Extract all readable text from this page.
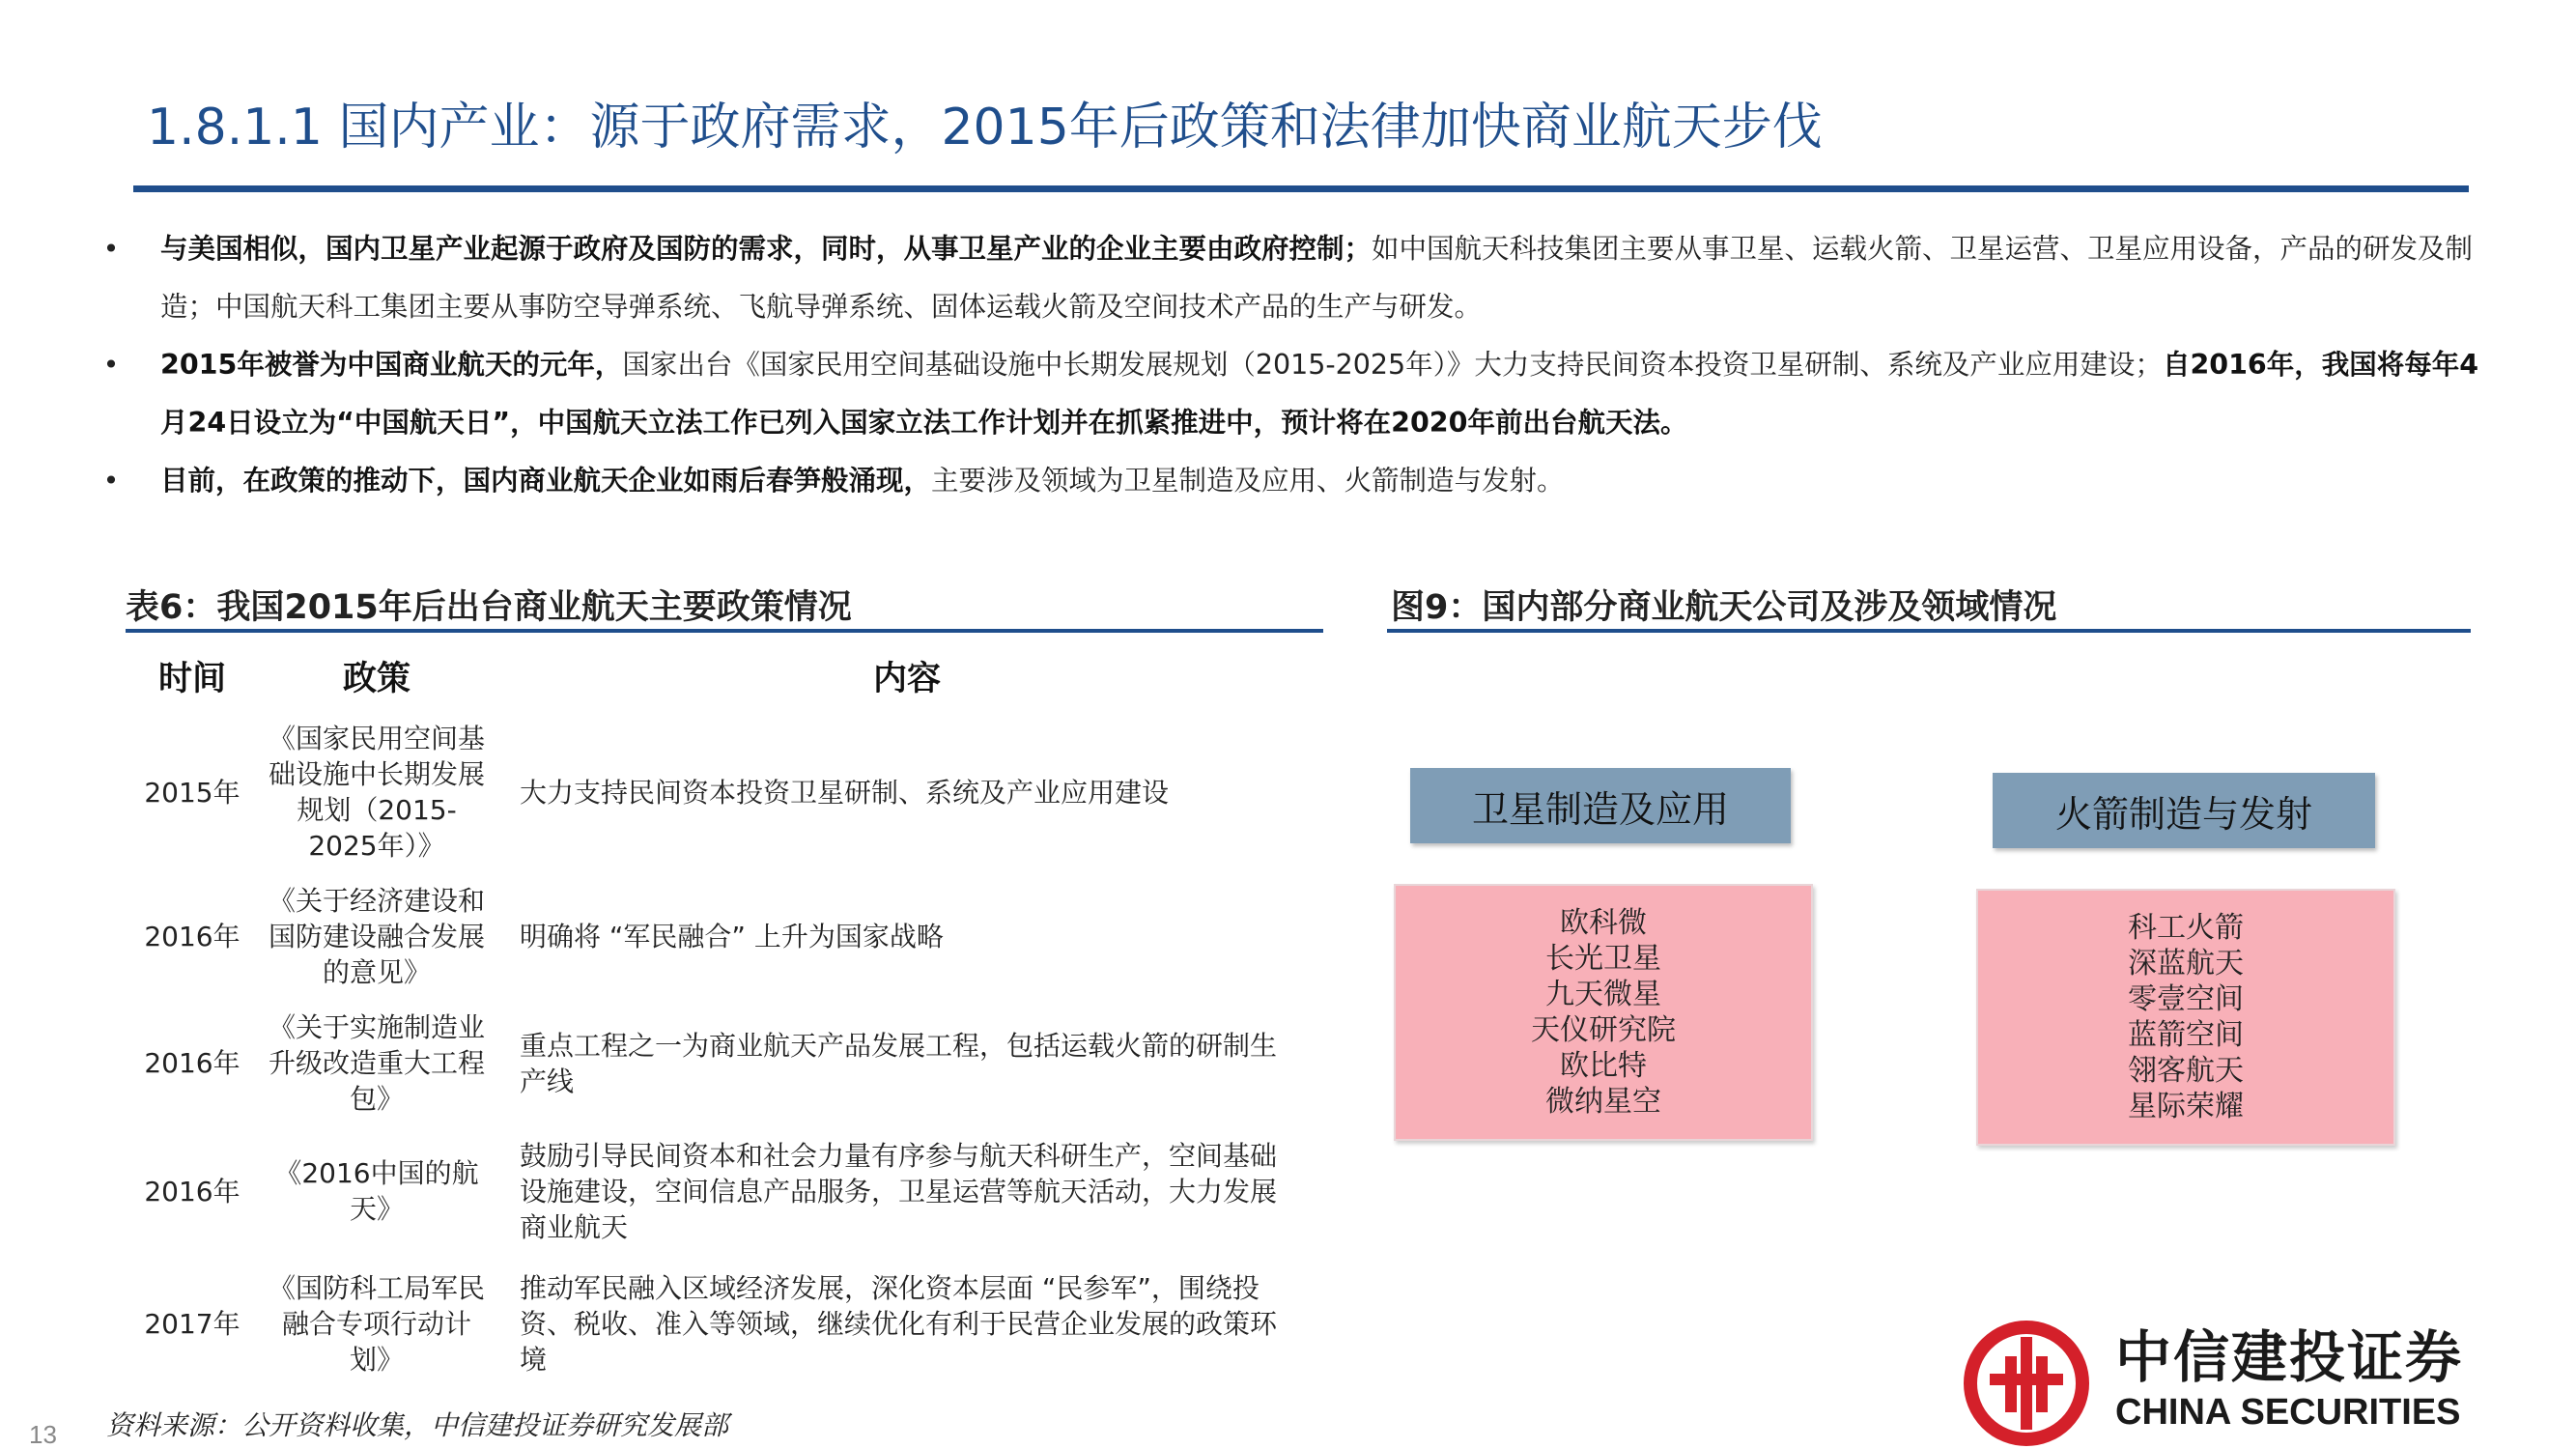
1.8.1.1 国内产业：源于政府需求，2015年后政策和法律加快商业航天步伐
• 与美国相似，国内卫星产业起源于政府及国防的需求，同时，从事卫星产业的企业主要由政府控制；如中国航天科技集团主要从事卫星、运载火箭、卫星运营、卫星应用设备，产品的研发及制造；中国航天科工集团主要从事防空导弹系统、飞航导弹系统、固体运载火箭及空间技术产品的生产与研发。
• 2015年被誉为中国商业航天的元年，国家出台《国家民用空间基础设施中长期发展规划（2015-2025年）》大力支持民间资本投资卫星研制、系统及产业应用建设；自2016年，我国将每年4月24日设立为“中国航天日”，中国航天立法工作已列入国家立法工作计划并在抓紧推进中，预计将在2020年前出台航天法。
• 目前，在政策的推动下，国内商业航天企业如雨后春笋般涌现，主要涉及领域为卫星制造及应用、火箭制造与发射。
表6：我国2015年后出台商业航天主要政策情况
时间	政策	内容
2015年	《国家民用空间基础设施中长期发展规划（2015-2025年）》	大力支持民间资本投资卫星研制、系统及产业应用建设
2016年	《关于经济建设和国防建设融合发展的意见》	明确将 “军民融合” 上升为国家战略
2016年	《关于实施制造业升级改造重大工程包》	重点工程之一为商业航天产品发展工程，包括运载火箭的研制生产线
2016年	《2016中国的航天》	鼓励引导民间资本和社会力量有序参与航天科研生产，空间基础设施建设，空间信息产品服务，卫星运营等航天活动，大力发展商业航天
2017年	《国防科工局军民融合专项行动计划》	推动军民融入区域经济发展，深化资本层面 “民参军”，围绕投资、税收、准入等领域，继续优化有利于民营企业发展的政策环境
图9：国内部分商业航天公司及涉及领域情况
卫星制造及应用	火箭制造与发射
欧科微
长光卫星
九天微星
天仪研究院
欧比特
微纳星空
科工火箭
深蓝航天
零壹空间
蓝箭空间
翎客航天
星际荣耀
中信建投证券
CHINA SECURITIES
资料来源：公开资料收集，中信建投证券研究发展部
13
